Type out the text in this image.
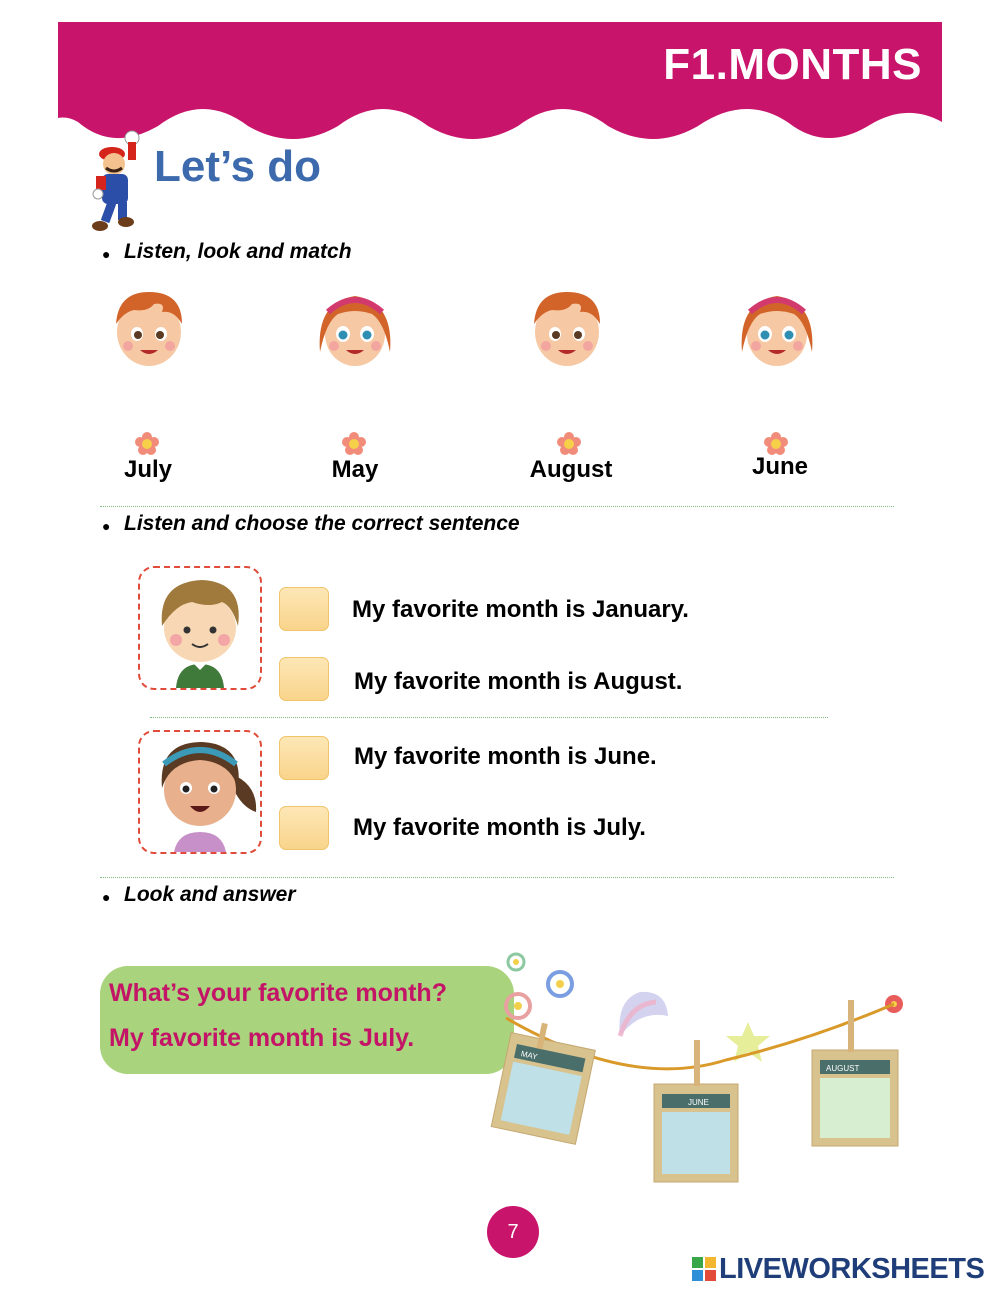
F1.MONTHS
Let’s do
● Listen, look and match
July	May	August	June
● Listen and choose the correct sentence
My favorite month is January.
My favorite month is August.
My favorite month is June.
My favorite month is July.
● Look and answer
What’s your favorite month?
My favorite month is July.
MAY
JUNE
AUGUST
7
LIVEWORKSHEETS
